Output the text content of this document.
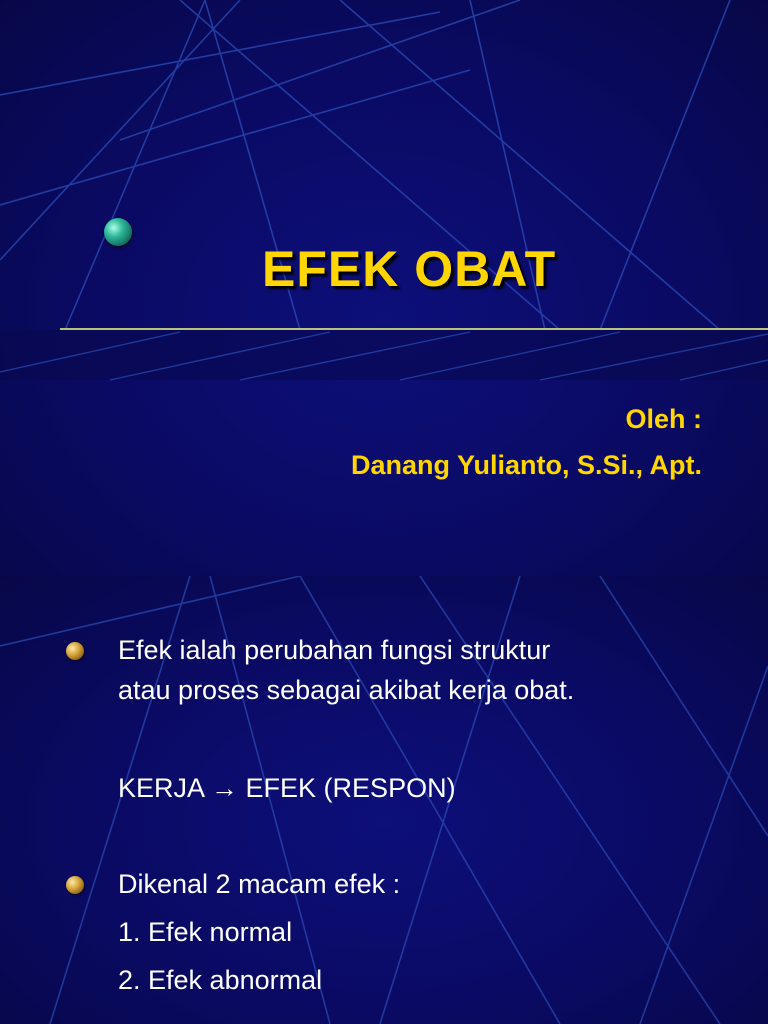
EFEK OBAT
Oleh :
Danang Yulianto, S.Si., Apt.
Efek ialah perubahan fungsi struktur
atau proses sebagai akibat kerja obat.
KERJA → EFEK (RESPON)
Dikenal 2 macam efek :
1. Efek normal
2. Efek abnormal
